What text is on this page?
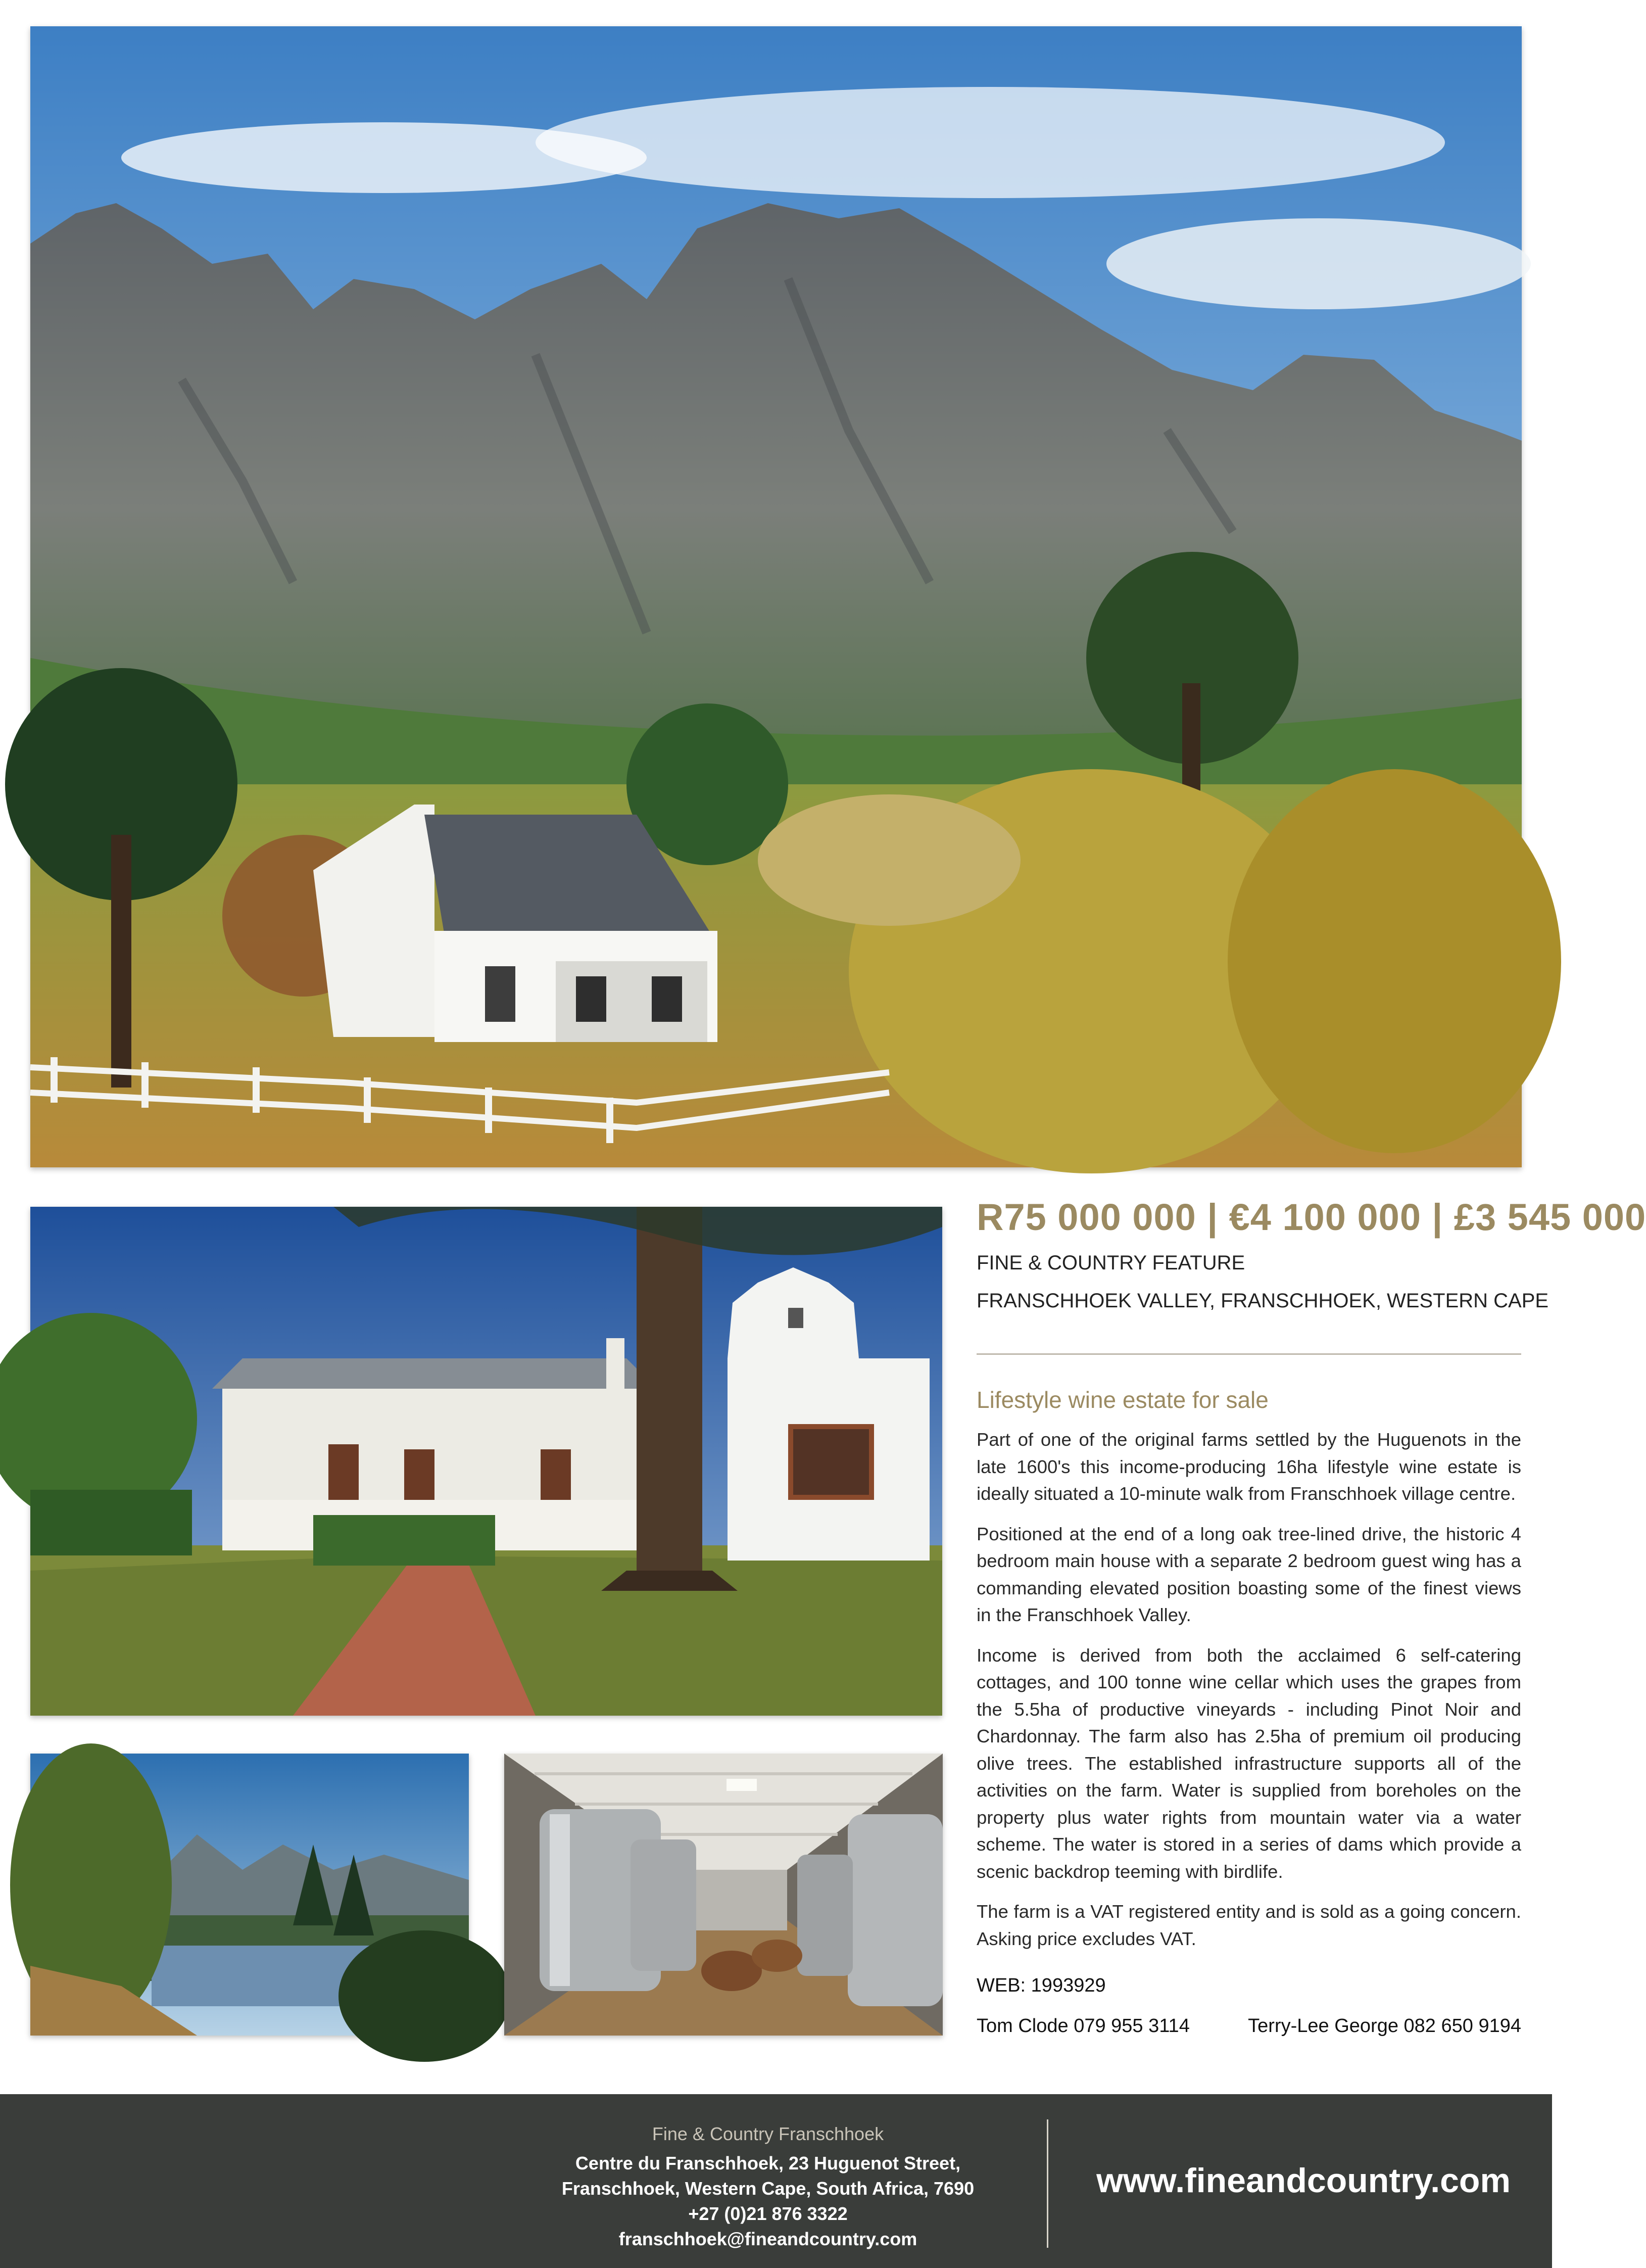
R75 000 000 | €4 100 000 | £3 545 000
FINE & COUNTRY FEATURE
FRANSCHHOEK VALLEY, FRANSCHHOEK, WESTERN CAPE
Lifestyle wine estate for sale

Part of one of the original farms settled by the Huguenots in the late 1600's this income-producing 16ha lifestyle wine estate is ideally situated a 10-minute walk from Franschhoek village centre.

Positioned at the end of a long oak tree-lined drive, the historic 4 bedroom main house with a separate 2 bedroom guest wing has a commanding elevated position boasting some of the finest views in the Franschhoek Valley.

Income is derived from both the acclaimed 6 self-catering cottages, and 100 tonne wine cellar which uses the grapes from the 5.5ha of productive vineyards - including Pinot Noir and Chardonnay. The farm also has 2.5ha of premium oil producing olive trees. The established infrastructure supports all of the activities on the farm. Water is supplied from boreholes on the property plus water rights from mountain water via a water scheme. The water is stored in a series of dams which provide a scenic backdrop teeming with birdlife.

The farm is a VAT registered entity and is sold as a going concern. Asking price excludes VAT.

WEB: 1993929
Tom Clode 079 955 3114	Terry-Lee George 082 650 9194
Fine & Country Franschhoek
Centre du Franschhoek, 23 Huguenot Street,
Franschhoek, Western Cape, South Africa, 7690
+27 (0)21 876 3322
franschhoek@fineandcountry.com
www.fineandcountry.com
